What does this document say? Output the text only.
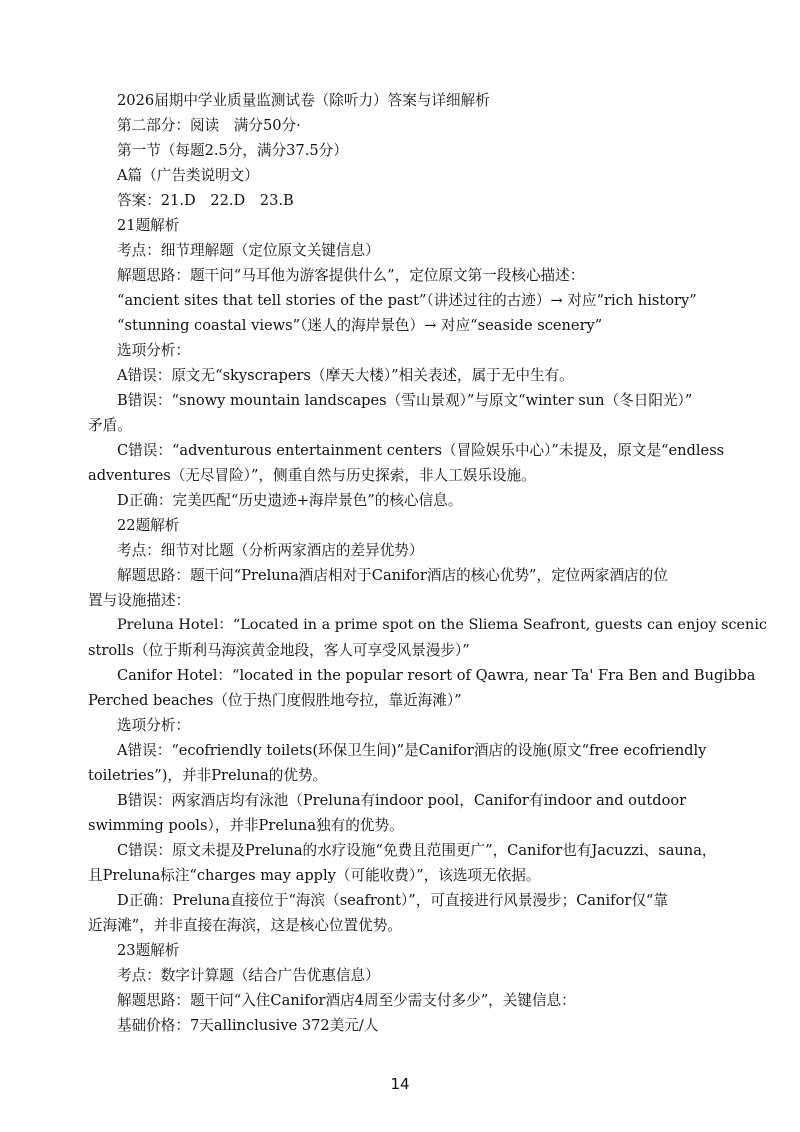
2026届期中学业质量监测试卷（除听力）答案与详细解析
第二部分：阅读　满分50分·
第一节（每题2.5分，满分37.5分）
A篇（广告类说明文）
答案：21.D　22.D　23.B
21题解析
考点：细节理解题（定位原文关键信息）
解题思路：题干问“马耳他为游客提供什么”，定位原文第一段核心描述：
“ancient sites that tell stories of the past”（讲述过往的古迹）→ 对应“rich history”
“stunning coastal views”（迷人的海岸景色）→ 对应“seaside scenery”
选项分析：
A错误：原文无“skyscrapers（摩天大楼）”相关表述，属于无中生有。
B错误：“snowy mountain landscapes（雪山景观）”与原文“winter sun（冬日阳光）”
矛盾。
C错误：“adventurous entertainment centers（冒险娱乐中心）”未提及，原文是“endless
adventures（无尽冒险）”，侧重自然与历史探索，非人工娱乐设施。
D正确：完美匹配“历史遗迹+海岸景色”的核心信息。
22题解析
考点：细节对比题（分析两家酒店的差异优势）
解题思路：题干问“Preluna酒店相对于Canifor酒店的核心优势”，定位两家酒店的位
置与设施描述：
Preluna Hotel：“Located in a prime spot on the Sliema Seafront, guests can enjoy scenic
strolls（位于斯利马海滨黄金地段，客人可享受风景漫步）”
Canifor Hotel：“located in the popular resort of Qawra, near Ta' Fra Ben and Bugibba
Perched beaches（位于热门度假胜地夸拉，靠近海滩）”
选项分析：
A错误：“ecofriendly toilets(环保卫生间)”是Canifor酒店的设施(原文“free ecofriendly
toiletries”)，并非Preluna的优势。
B错误：两家酒店均有泳池（Preluna有indoor pool，Canifor有indoor and outdoor
swimming pools），并非Preluna独有的优势。
C错误：原文未提及Preluna的水疗设施“免费且范围更广”，Canifor也有Jacuzzi、sauna，
且Preluna标注“charges may apply（可能收费）”，该选项无依据。
D正确：Preluna直接位于“海滨（seafront）”，可直接进行风景漫步；Canifor仅“靠
近海滩”，并非直接在海滨，这是核心位置优势。
23题解析
考点：数字计算题（结合广告优惠信息）
解题思路：题干问“入住Canifor酒店4周至少需支付多少”，关键信息：
基础价格：7天allinclusive 372美元/人
14
